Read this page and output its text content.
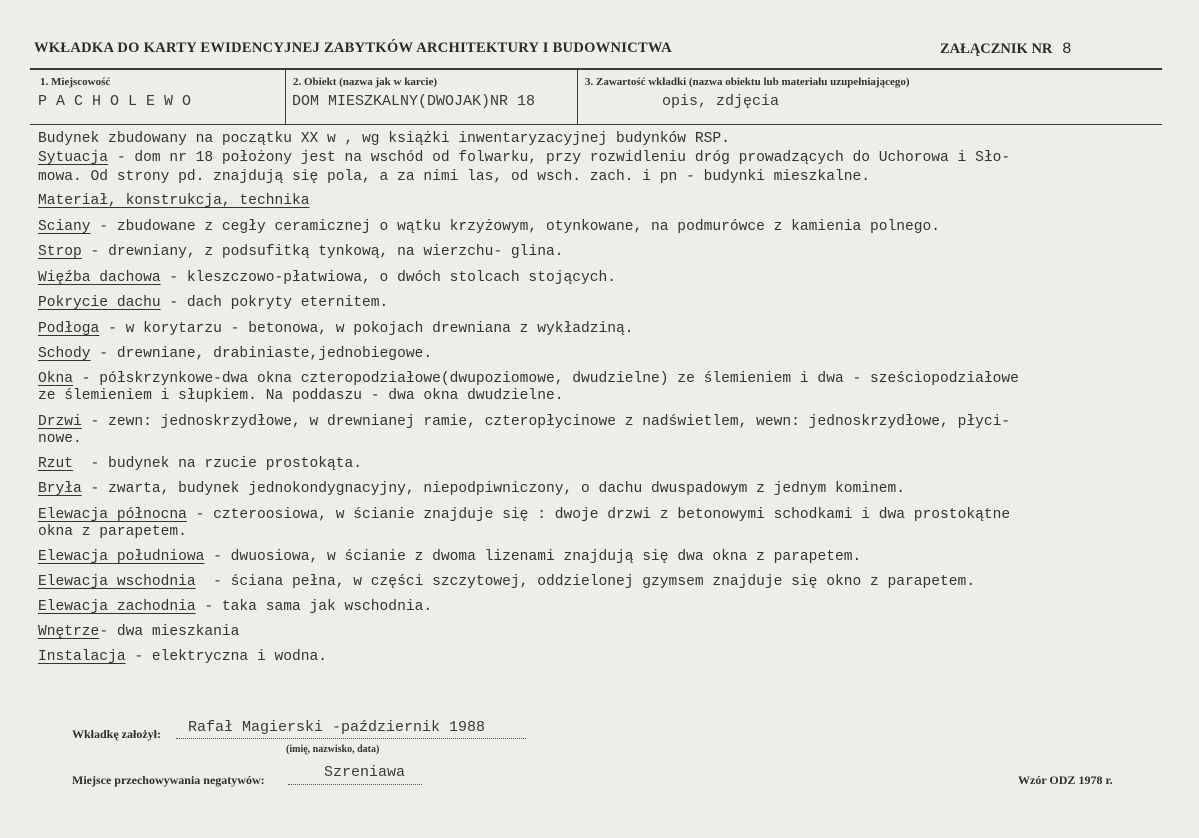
WKŁADKA DO KARTY EWIDENCYJNEJ ZABYTKÓW ARCHITEKTURY I BUDOWNICTWA	ZAŁĄCZNIK NR 8
1. Miejscowość
PACHOLEWO
2. Obiekt (nazwa jak w karcie)
DOM MIESZKALNY(DWOJAK)NR 18
3. Zawartość wkładki (nazwa obiektu lub materiału uzupełniającego)
opis, zdjęcia
Budynek zbudowany na początku XX w , wg książki inwentaryzacyjnej budynków RSP.
Sytuacja - dom nr 18 położony jest na wschód od folwarku, przy rozwidleniu dróg prowadzących do Uchorowa i Sło-
mowa. Od strony pd. znajdują się pola, a za nimi las, od wsch. zach. i pn - budynki mieszkalne.
Materiał, konstrukcja, technika
Sciany - zbudowane z cegły ceramicznej o wątku krzyżowym, otynkowane, na podmurówce z kamienia polnego.
Strop - drewniany, z podsufitką tynkową, na wierzchu- glina.
Więźba dachowa - kleszczowo-płatwiowa, o dwóch stolcach stojących.
Pokrycie dachu - dach pokryty eternitem.
Podłoga - w korytarzu - betonowa, w pokojach drewniana z wykładziną.
Schody - drewniane, drabiniaste,jednobiegowe.
Okna - półskrzynkowe-dwa okna czteropodziałowe(dwupoziomowe, dwudzielne) ze ślemieniem i dwa - sześciopodziałowe
ze ślemieniem i słupkiem. Na poddaszu - dwa okna dwudzielne.
Drzwi - zewn: jednoskrzydłowe, w drewnianej ramie, czteropłycinowe z nadświetlem, wewn: jednoskrzydłowe, płyci-
nowe.
Rzut  - budynek na rzucie prostokąta.
Bryła - zwarta, budynek jednokondygnacyjny, niepodpiwniczony, o dachu dwuspadowym z jednym kominem.
Elewacja północna - czteroosiowa, w ścianie znajduje się : dwoje drzwi z betonowymi schodkami i dwa prostokątne
okna z parapetem.
Elewacja południowa - dwuosiowa, w ścianie z dwoma lizenami znajdują się dwa okna z parapetem.
Elewacja wschodnia  - ściana pełna, w części szczytowej, oddzielonej gzymsem znajduje się okno z parapetem.
Elewacja zachodnia - taka sama jak wschodnia.
Wnętrze- dwa mieszkania
Instalacja - elektryczna i wodna.
Wkładkę założył: Rafał Magierski -październik 1988
(imię, nazwisko, data)
Miejsce przechowywania negatywów:	Szreniawa	Wzór ODZ 1978 r.
